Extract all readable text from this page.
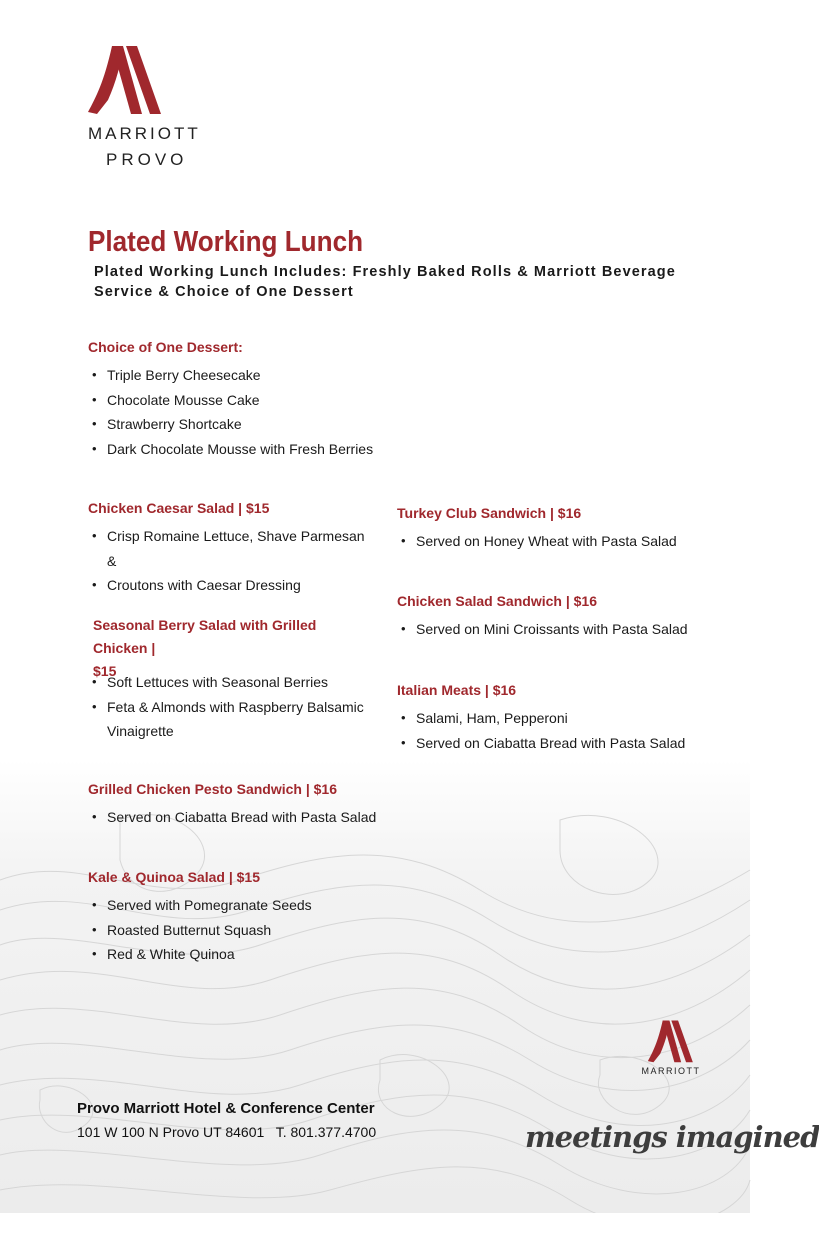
MARRIOTT
PROVO
Plated Working Lunch
Plated Working Lunch Includes: Freshly Baked Rolls & Marriott Beverage
Service & Choice of One Dessert
Choice of One Dessert:
• Triple Berry Cheesecake
• Chocolate Mousse Cake
• Strawberry Shortcake
• Dark Chocolate Mousse with Fresh Berries
Chicken Caesar Salad | $15
• Crisp Romaine Lettuce, Shave Parmesan &
• Croutons with Caesar Dressing
Seasonal Berry Salad with Grilled Chicken |
$15
• Soft Lettuces with Seasonal Berries
• Feta & Almonds with Raspberry Balsamic
Vinaigrette
Grilled Chicken Pesto Sandwich | $16
• Served on Ciabatta Bread with Pasta Salad
Kale & Quinoa Salad | $15
• Served with Pomegranate Seeds
• Roasted Butternut Squash
• Red & White Quinoa
Turkey Club Sandwich | $16
• Served on Honey Wheat with Pasta Salad
Chicken Salad Sandwich | $16
• Served on Mini Croissants with Pasta Salad
Italian Meats | $16
• Salami, Ham, Pepperoni
• Served on Ciabatta Bread with Pasta Salad
MARRIOTT
Provo Marriott Hotel & Conference Center
101 W 100 N Provo UT 84601   T. 801.377.4700	meetings imagined
